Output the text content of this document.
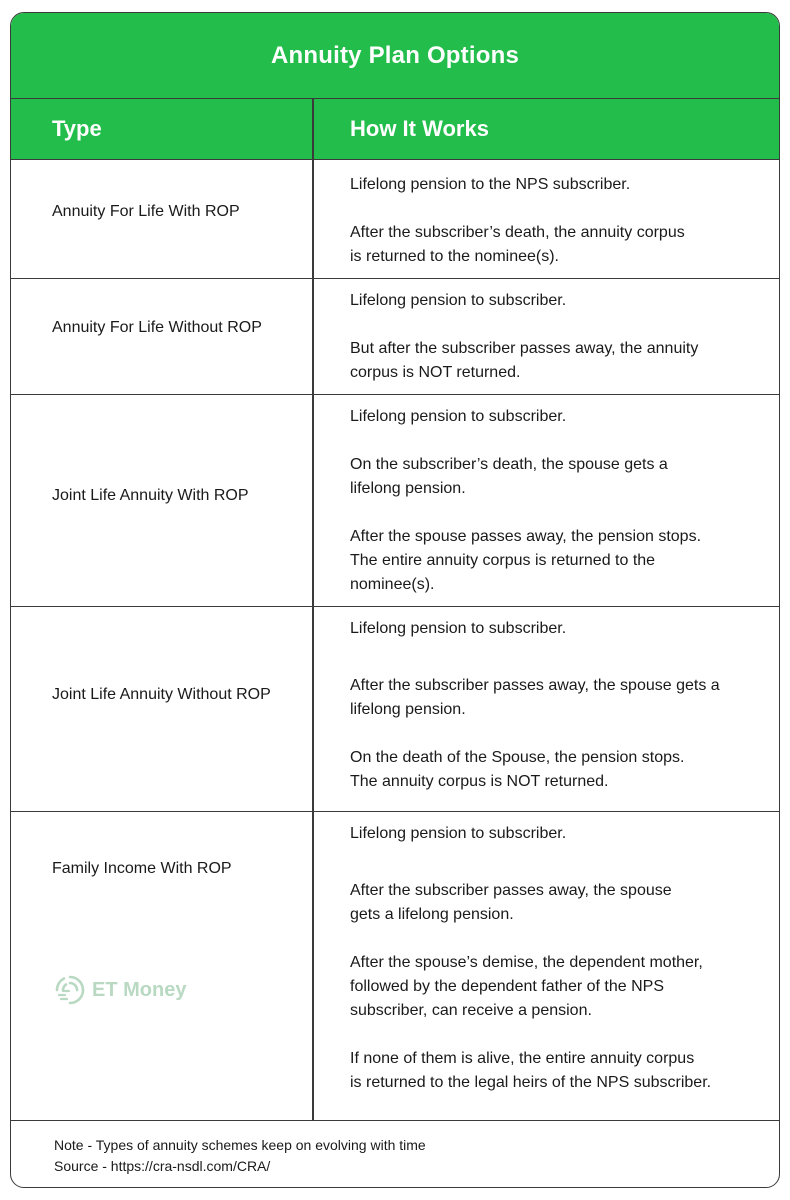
Annuity Plan Options
Type	How It Works
Annuity For Life With ROP

Lifelong pension to the NPS subscriber.

After the subscriber’s death, the annuity corpus
is returned to the nominee(s).

Annuity For Life Without ROP

Lifelong pension to subscriber.

But after the subscriber passes away, the annuity
corpus is NOT returned.

Joint Life Annuity With ROP

Lifelong pension to subscriber.

On the subscriber’s death, the spouse gets a
lifelong pension.

After the spouse passes away, the pension stops.
The entire annuity corpus is returned to the
nominee(s).

Joint Life Annuity Without ROP

Lifelong pension to subscriber.

After the subscriber passes away, the spouse gets a
lifelong pension.

On the death of the Spouse, the pension stops.
The annuity corpus is NOT returned.

Family Income With ROP

Lifelong pension to subscriber.

After the subscriber passes away, the spouse
gets a lifelong pension.

After the spouse’s demise, the dependent mother,
followed by the dependent father of the NPS
subscriber, can receive a pension.

If none of them is alive, the entire annuity corpus
is returned to the legal heirs of the NPS subscriber.

Note - Types of annuity schemes keep on evolving with time
Source - https://cra-nsdl.com/CRA/
ET Money
